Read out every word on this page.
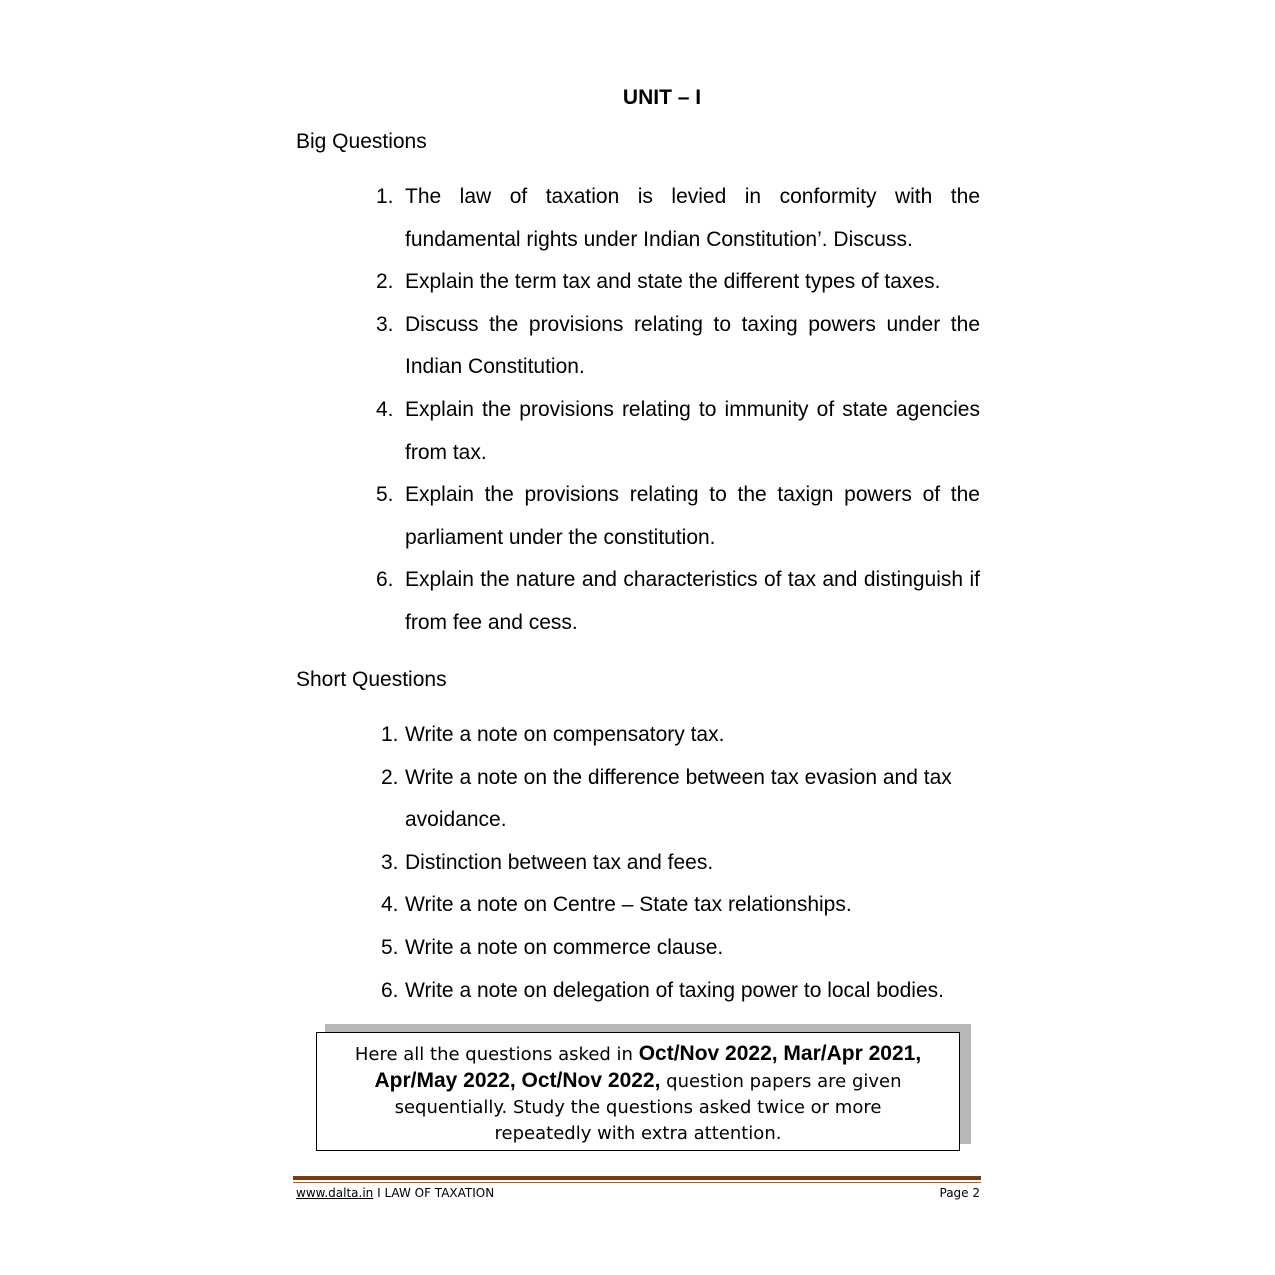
UNIT – I
Big Questions
1. The law of taxation is levied in conformity with the fundamental rights under Indian Constitution’. Discuss.
2. Explain the term tax and state the different types of taxes.
3. Discuss the provisions relating to taxing powers under the Indian Constitution.
4. Explain the provisions relating to immunity of state agencies from tax.
5. Explain the provisions relating to the taxign powers of the parliament under the constitution.
6. Explain the nature and characteristics of tax and distinguish if from fee and cess.
Short Questions
1. Write a note on compensatory tax.
2. Write a note on the difference between tax evasion and tax avoidance.
3. Distinction between tax and fees.
4. Write a note on Centre – State tax relationships.
5. Write a note on commerce clause.
6. Write a note on delegation of taxing power to local bodies.
Here all the questions asked in Oct/Nov 2022, Mar/Apr 2021,
Apr/May 2022, Oct/Nov 2022, question papers are given
sequentially. Study the questions asked twice or more
repeatedly with extra attention.
www.dalta.in I LAW OF TAXATION	Page 2
